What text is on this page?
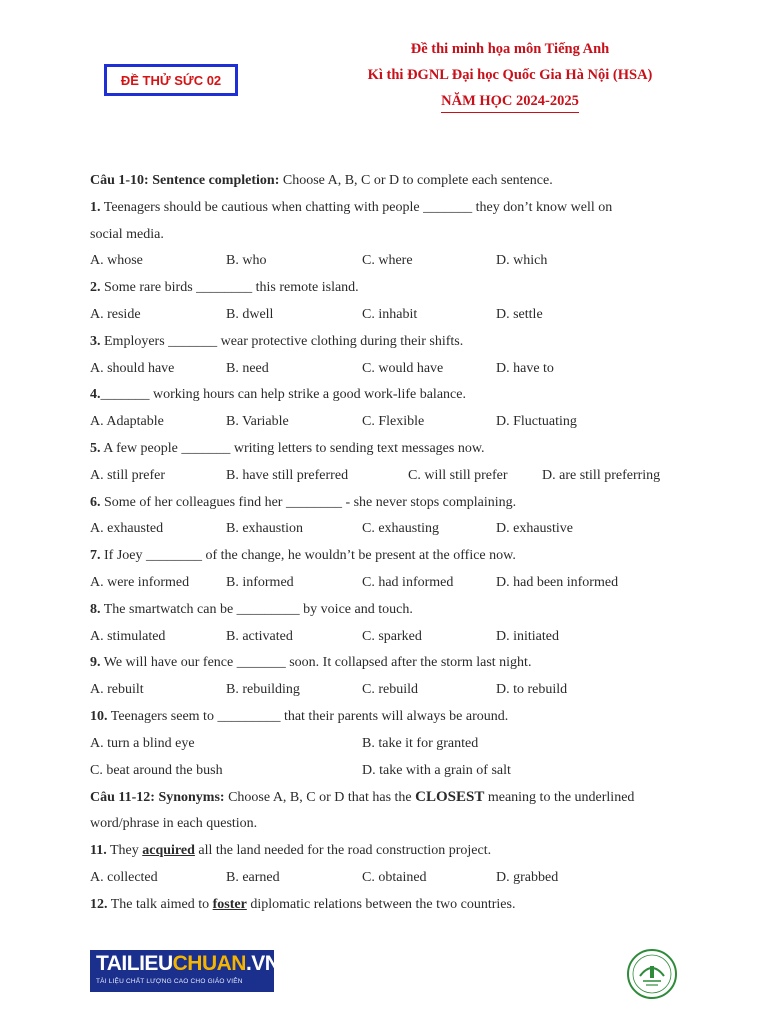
ĐỀ THỬ SỨC 02
Đề thi minh họa môn Tiếng Anh
Kì thi ĐGNL Đại học Quốc Gia Hà Nội (HSA)
NĂM HỌC 2024-2025
Câu 1-10: Sentence completion: Choose A, B, C or D to complete each sentence.
1. Teenagers should be cautious when chatting with people _______ they don’t know well on
social media.
A. whose	B. who	C. where	D. which
2. Some rare birds ________ this remote island.
A. reside	B. dwell	C. inhabit	D. settle
3. Employers _______ wear protective clothing during their shifts.
A. should have	B. need	C. would have	D. have to
4._______ working hours can help strike a good work-life balance.
A. Adaptable	B. Variable	C. Flexible	D. Fluctuating
5. A few people _______ writing letters to sending text messages now.
A. still prefer	B. have still preferred	C. will still prefer D. are still preferring
6. Some of her colleagues find her ________ - she never stops complaining.
A. exhausted	B. exhaustion	C. exhausting	D. exhaustive
7. If Joey ________ of the change, he wouldn’t be present at the office now.
A. were informed	B. informed	C. had informed	D. had been informed
8. The smartwatch can be _________ by voice and touch.
A. stimulated	B. activated	C. sparked	D. initiated
9. We will have our fence _______ soon. It collapsed after the storm last night.
A. rebuilt	B. rebuilding	C. rebuild	D. to rebuild
10. Teenagers seem to _________ that their parents will always be around.
A. turn a blind eye	B. take it for granted
C. beat around the bush	D. take with a grain of salt
Câu 11-12: Synonyms: Choose A, B, C or D that has the CLOSEST meaning to the underlined
word/phrase in each question.
11. They acquired all the land needed for the road construction project.
A. collected	B. earned	C. obtained	D. grabbed
12. The talk aimed to foster diplomatic relations between the two countries.
TAILIEUCHUAN.VN
TÀI LIỆU CHẤT LƯỢNG CAO CHO GIÁO VIÊN
